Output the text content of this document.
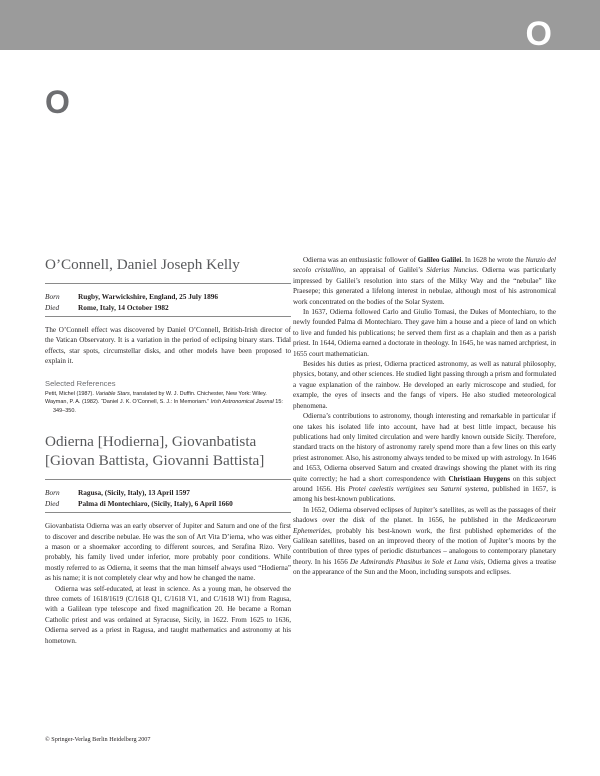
O
O
O’Connell, Daniel Joseph Kelly
Born	Rugby, Warwickshire, England, 25 July 1896
Died	Rome, Italy, 14 October 1982

The O’Connell effect was discovered by Daniel O’Connell, British-Irish director of the Vatican Observatory. It is a variation in the period of eclipsing binary stars. Tidal effects, star spots, circumstellar disks, and other models have been proposed to explain it.

Selected References
Petit, Michel (1987). Variable Stars, translated by W. J. Duffin. Chichester, New York: Wiley.
Wayman, P. A. (1982). “Daniel J. K. O’Connell, S. J.: In Memoriam.” Irish Astronomical Journal 15: 349–350.
Odierna [Hodierna], Giovanbatista [Giovan Battista, Giovanni Battista]
Born	Ragusa, (Sicily, Italy), 13 April 1597
Died	Palma di Montechiaro, (Sicily, Italy), 6 April 1660

Giovanbatista Odierna was an early observer of Jupiter and Saturn and one of the first to discover and describe nebulae. He was the son of Art Vita D’ierna, who was either a mason or a shoemaker according to different sources, and Serafina Rizo. Very probably, his family lived under inferior, more probably poor conditions. While mostly referred to as Odierna, it seems that the man himself always used “Hodierna” as his name; it is not completely clear why and how he changed the name.

Odierna was self-educated, at least in science. As a young man, he observed the three comets of 1618/1619 (C/1618 Q1, C/1618 V1, and C/1618 W1) from Ragusa, with a Galilean type telescope and fixed magnification 20. He became a Roman Catholic priest and was ordained at Syracuse, Sicily, in 1622. From 1625 to 1636, Odierna served as a priest in Ragusa, and taught mathematics and astronomy at his hometown.

Odierna was an enthusiastic follower of Galileo Galilei. In 1628 he wrote the Nunzio del secolo cristallino, an appraisal of Galilei’s Siderius Nuncius. Odierna was particularly impressed by Galilei’s resolution into stars of the Milky Way and the “nebulae” like Praesepe; this generated a lifelong interest in nebulae, although most of his astronomical work concentrated on the bodies of the Solar System.

In 1637, Odierna followed Carlo and Giulio Tomasi, the Dukes of Montechiaro, to the newly founded Palma di Montechiaro. They gave him a house and a piece of land on which to live and funded his publications; he served them first as a chaplain and then as a parish priest. In 1644, Odierna earned a doctorate in theology. In 1645, he was named archpriest, in 1655 court mathematician.

Besides his duties as priest, Odierna practiced astronomy, as well as natural philosophy, physics, botany, and other sciences. He studied light passing through a prism and formulated a vague explanation of the rainbow. He developed an early microscope and studied, for example, the eyes of insects and the fangs of vipers. He also studied meteorological phenomena.

Odierna’s contributions to astronomy, though interesting and remarkable in particular if one takes his isolated life into account, have had at best little impact, because his publications had only limited circulation and were hardly known outside Sicily. Therefore, standard tracts on the history of astronomy rarely spend more than a few lines on this early priest astronomer. Also, his astronomy always tended to be mixed up with astrology. In 1646 and 1653, Odierna observed Saturn and created drawings showing the planet with its ring quite correctly; he had a short correspondence with Christiaan Huygens on this subject around 1656. His Protei caelestis vertigines seu Saturni systema, published in 1657, is among his best-known publications.

In 1652, Odierna observed eclipses of Jupiter’s satellites, as well as the passages of their shadows over the disk of the planet. In 1656, he published in the Medicaeorum Ephemerides, probably his best-known work, the first published ephemerides of the Galilean satellites, based on an improved theory of the motion of Jupiter’s moons by the contribution of three types of periodic disturbances – analogous to contemporary planetary theory. In his 1656 De Admirandis Phasibus in Sole et Luna visis, Odierna gives a treatise on the appearance of the Sun and the Moon, including sunspots and eclipses.

© Springer-Verlag Berlin Heidelberg 2007
